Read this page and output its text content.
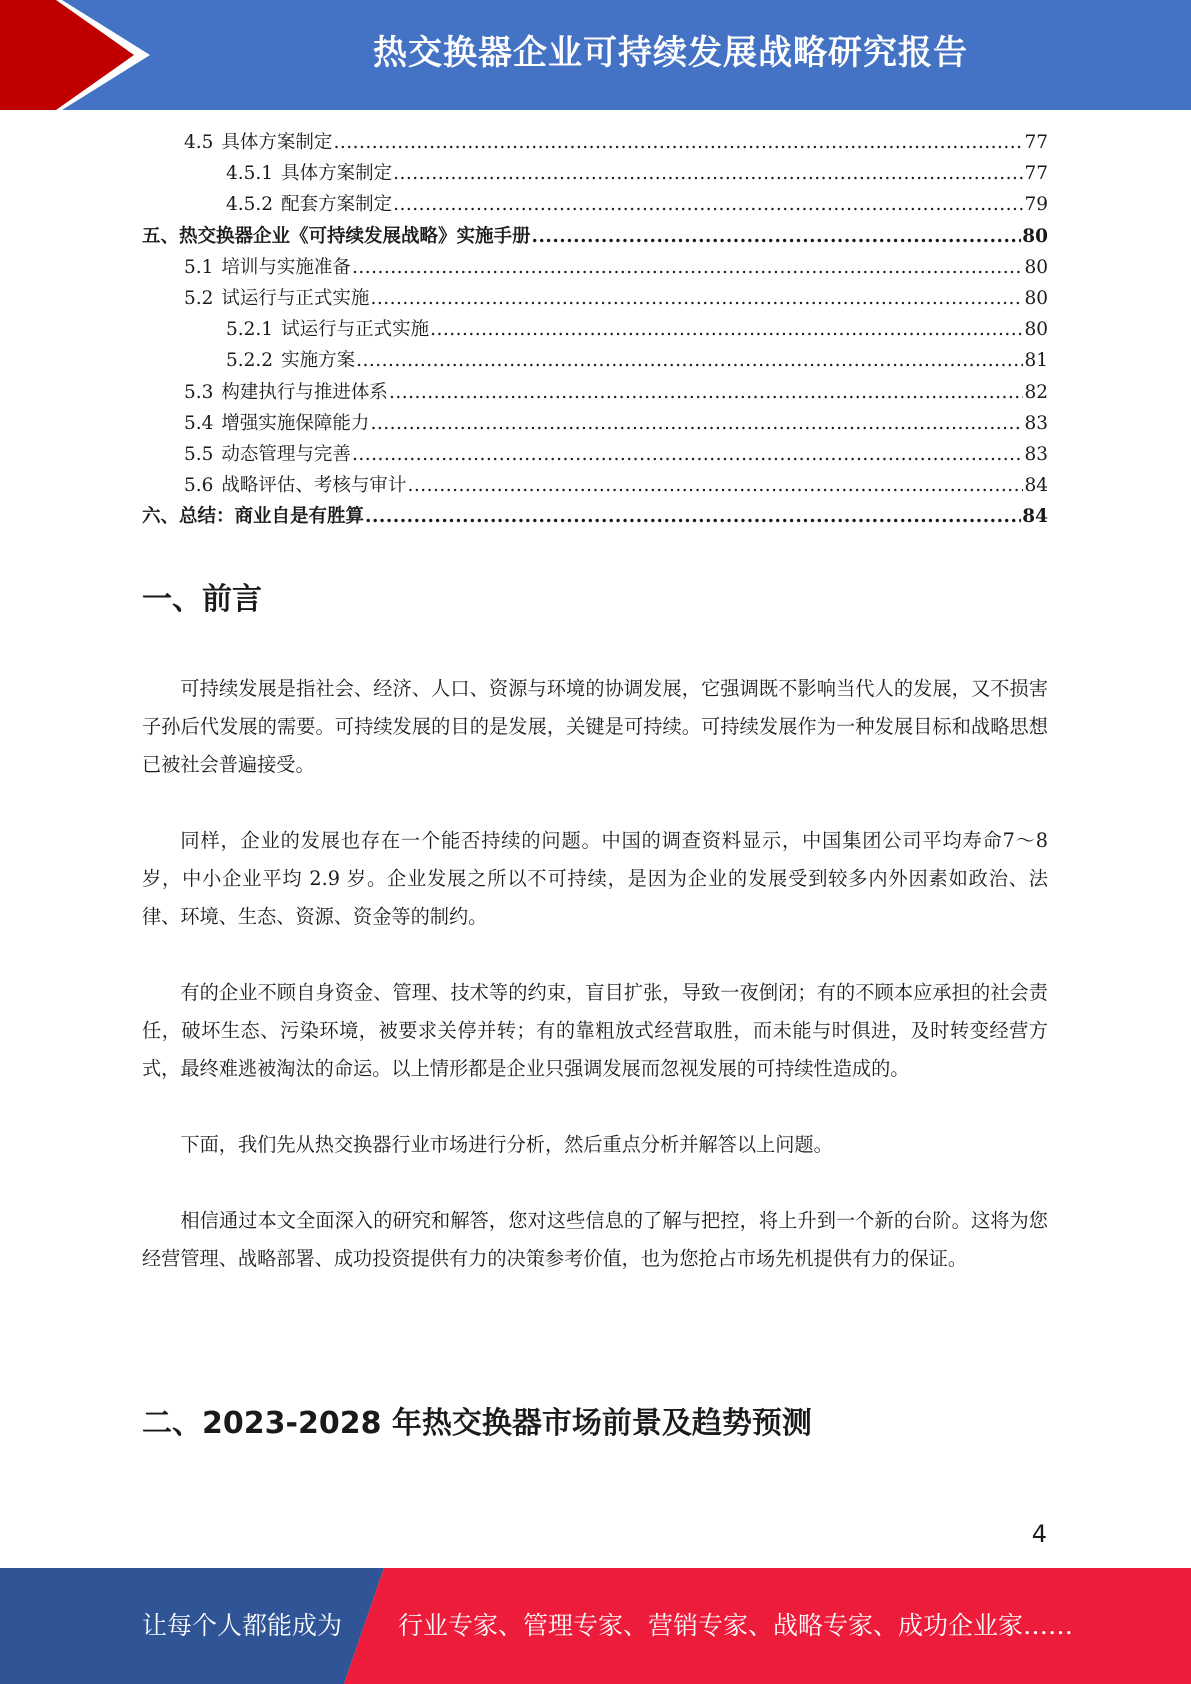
热交换器企业可持续发展战略研究报告
4.5 具体方案制定 .....	77
4.5.1 具体方案制定 .....	77
4.5.2 配套方案制定 .....	79
五、热交换器企业《可持续发展战略》实施手册 .....	80
5.1 培训与实施准备 .....	80
5.2 试运行与正式实施 .....	80
5.2.1 试运行与正式实施 .....	80
5.2.2 实施方案 .....	81
5.3 构建执行与推进体系 .....	82
5.4 增强实施保障能力 .....	83
5.5 动态管理与完善 .....	83
5.6 战略评估、考核与审计 .....	84
六、总结：商业自是有胜算 .....	84
一、前言

可持续发展是指社会、经济、人口、资源与环境的协调发展，它强调既不影响当代人的发展，又不损害子孙后代发展的需要。可持续发展的目的是发展，关键是可持续。可持续发展作为一种发展目标和战略思想已被社会普遍接受。

同样，企业的发展也存在一个能否持续的问题。中国的调查资料显示，中国集团公司平均寿命7～8 岁，中小企业平均 2.9 岁。企业发展之所以不可持续，是因为企业的发展受到较多内外因素如政治、法律、环境、生态、资源、资金等的制约。

有的企业不顾自身资金、管理、技术等的约束，盲目扩张，导致一夜倒闭；有的不顾本应承担的社会责任，破坏生态、污染环境，被要求关停并转；有的靠粗放式经营取胜，而未能与时俱进，及时转变经营方式，最终难逃被淘汰的命运。以上情形都是企业只强调发展而忽视发展的可持续性造成的。

下面，我们先从热交换器行业市场进行分析，然后重点分析并解答以上问题。

相信通过本文全面深入的研究和解答，您对这些信息的了解与把控，将上升到一个新的台阶。这将为您经营管理、战略部署、成功投资提供有力的决策参考价值，也为您抢占市场先机提供有力的保证。

二、2023-2028 年热交换器市场前景及趋势预测
4
让每个人都能成为 行业专家、管理专家、营销专家、战略专家、成功企业家……
